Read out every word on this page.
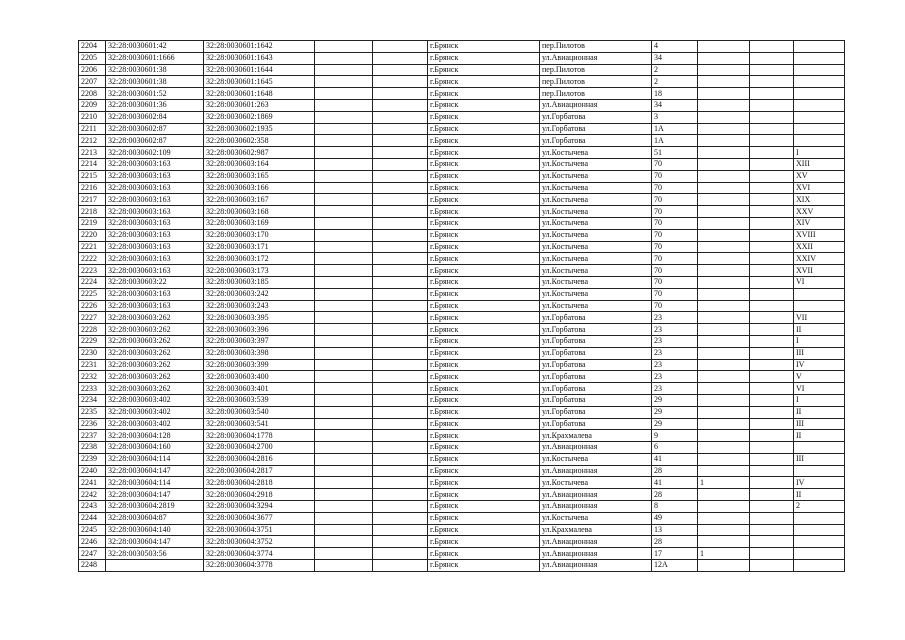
2204	32:28:0030601:42	32:28:0030601:1642			г.Брянск	пер.Пилотов	4			
2205	32:28:0030601:1666	32:28:0030601:1643			г.Брянск	ул.Авиационная	34			
2206	32:28:0030601:38	32:28:0030601:1644			г.Брянск	пер.Пилотов	2			
2207	32:28:0030601:38	32:28:0030601:1645			г.Брянск	пер.Пилотов	2			
2208	32:28:0030601:52	32:28:0030601:1648			г.Брянск	пер.Пилотов	18			
2209	32:28:0030601:36	32:28:0030601:263			г.Брянск	ул.Авиационная	34			
2210	32:28:0030602:84	32:28:0030602:1869			г.Брянск	ул.Горбатова	3			
2211	32:28:0030602:87	32:28:0030602:1935			г.Брянск	ул.Горбатова	1А			
2212	32:28:0030602:87	32:28:0030602:358			г.Брянск	ул.Горбатова	1А			
2213	32:28:0030602:109	32:28:0030602:987			г.Брянск	ул.Костычева	51			I
2214	32:28:0030603:163	32:28:0030603:164			г.Брянск	ул.Костычева	70			XIII
2215	32:28:0030603:163	32:28:0030603:165			г.Брянск	ул.Костычева	70			XV
2216	32:28:0030603:163	32:28:0030603:166			г.Брянск	ул.Костычева	70			XVI
2217	32:28:0030603:163	32:28:0030603:167			г.Брянск	ул.Костычева	70			XIX
2218	32:28:0030603:163	32:28:0030603:168			г.Брянск	ул.Костычева	70			XXV
2219	32:28:0030603:163	32:28:0030603:169			г.Брянск	ул.Костычева	70			XIV
2220	32:28:0030603:163	32:28:0030603:170			г.Брянск	ул.Костычева	70			XVIII
2221	32:28:0030603:163	32:28:0030603:171			г.Брянск	ул.Костычева	70			XXII
2222	32:28:0030603:163	32:28:0030603:172			г.Брянск	ул.Костычева	70			XXIV
2223	32:28:0030603:163	32:28:0030603:173			г.Брянск	ул.Костычева	70			XVII
2224	32:28:0030603:22	32:28:0030603:185			г.Брянск	ул.Костычева	70			VI
2225	32:28:0030603:163	32:28:0030603:242			г.Брянск	ул.Костычева	70			
2226	32:28:0030603:163	32:28:0030603:243			г.Брянск	ул.Костычева	70			
2227	32:28:0030603:262	32:28:0030603:395			г.Брянск	ул.Горбатова	23			VII
2228	32:28:0030603:262	32:28:0030603:396			г.Брянск	ул.Горбатова	23			II
2229	32:28:0030603:262	32:28:0030603:397			г.Брянск	ул.Горбатова	23			I
2230	32:28:0030603:262	32:28:0030603:398			г.Брянск	ул.Горбатова	23			III
2231	32:28:0030603:262	32:28:0030603:399			г.Брянск	ул.Горбатова	23			IV
2232	32:28:0030603:262	32:28:0030603:400			г.Брянск	ул.Горбатова	23			V
2233	32:28:0030603:262	32:28:0030603:401			г.Брянск	ул.Горбатова	23			VI
2234	32:28:0030603:402	32:28:0030603:539			г.Брянск	ул.Горбатова	29			I
2235	32:28:0030603:402	32:28:0030603:540			г.Брянск	ул.Горбатова	29			II
2236	32:28:0030603:402	32:28:0030603:541			г.Брянск	ул.Горбатова	29			III
2237	32:28:0030604:128	32:28:0030604:1778			г.Брянск	ул.Крахмалева	9			II
2238	32:28:0030604:160	32:28:0030604:2700			г.Брянск	ул.Авиационная	6			
2239	32:28:0030604:114	32:28:0030604:2816			г.Брянск	ул.Костычева	41			III
2240	32:28:0030604:147	32:28:0030604:2817			г.Брянск	ул.Авиационная	28			
2241	32:28:0030604:114	32:28:0030604:2818			г.Брянск	ул.Костычева	41	1		IV
2242	32:28:0030604:147	32:28:0030604:2918			г.Брянск	ул.Авиационная	28			II
2243	32:28:0030604:2819	32:28:0030604:3294			г.Брянск	ул.Авиационная	8			2
2244	32:28:0030604:87	32:28:0030604:3677			г.Брянск	ул.Костычева	49			
2245	32:28:0030604:140	32:28:0030604:3751			г.Брянск	ул.Крахмалева	13			
2246	32:28:0030604:147	32:28:0030604:3752			г.Брянск	ул.Авиационная	28			
2247	32:28:0030503:56	32:28:0030604:3774			г.Брянск	ул.Авиационная	17	1		
2248		32:28:0030604:3778			г.Брянск	ул.Авиационная	12А			
